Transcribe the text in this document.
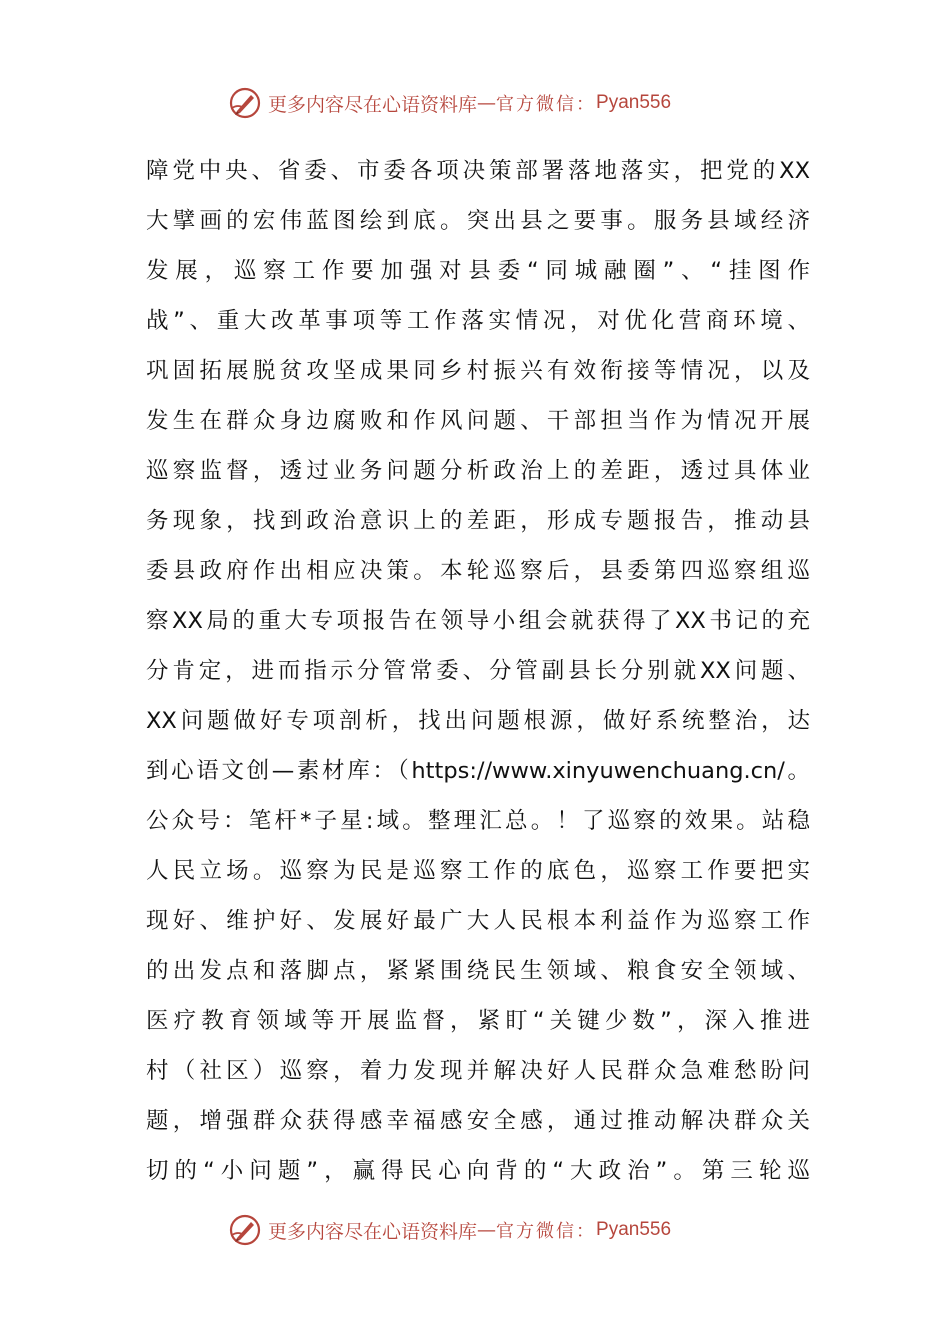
更多内容尽在心语资料库 — 官方微信： Pyan556
障党中央、省委、市委各项决策部署落地落实，把党的XX
大擘画的宏伟蓝图绘到底。突出县之要事。服务县域经济
发展，巡察工作要加强对县委“同城融圈”、“挂图作
战”、重大改革事项等工作落实情况，对优化营商环境、
巩固拓展脱贫攻坚成果同乡村振兴有效衔接等情况，以及
发生在群众身边腐败和作风问题、干部担当作为情况开展
巡察监督，透过业务问题分析政治上的差距，透过具体业
务现象，找到政治意识上的差距，形成专题报告，推动县
委县政府作出相应决策。本轮巡察后，县委第四巡察组巡
察XX局的重大专项报告在领导小组会就获得了XX书记的充
分肯定，进而指示分管常委、分管副县长分别就XX问题、
XX问题做好专项剖析，找出问题根源，做好系统整治，达
到心语文创—素材库：（https://www.xinyuwenchuang.cn/。
公众号：笔杆*子星:域。整理汇总。！了巡察的效果。站稳
人民立场。巡察为民是巡察工作的底色，巡察工作要把实
现好、维护好、发展好最广大人民根本利益作为巡察工作
的出发点和落脚点，紧紧围绕民生领域、粮食安全领域、
医疗教育领域等开展监督，紧盯“关键少数”，深入推进
村（社区）巡察，着力发现并解决好人民群众急难愁盼问
题，增强群众获得感幸福感安全感，通过推动解决群众关
切的“小问题”，赢得民心向背的“大政治”。第三轮巡
更多内容尽在心语资料库 — 官方微信： Pyan556
